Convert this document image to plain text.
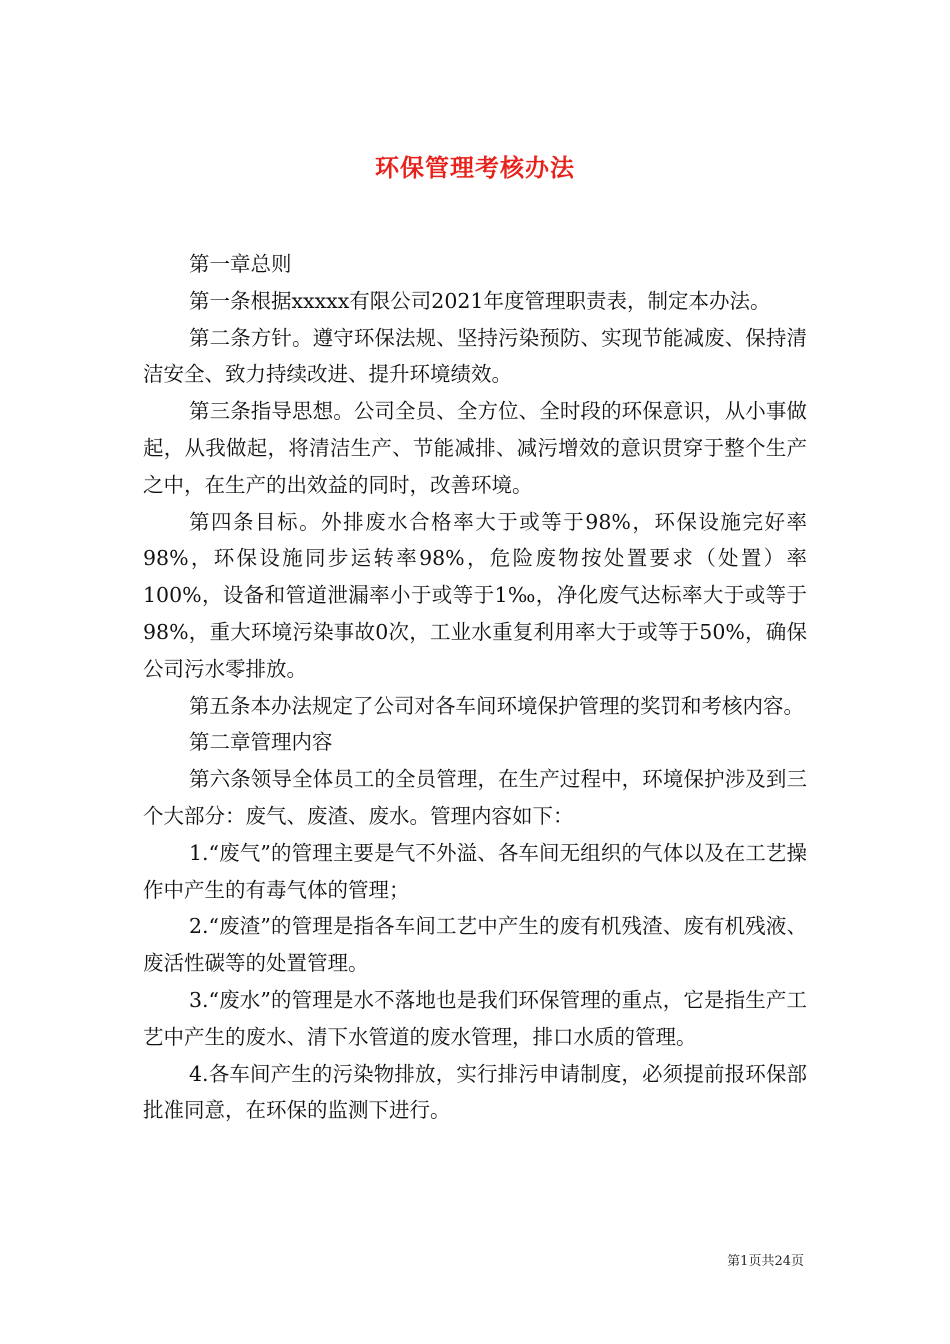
环保管理考核办法

第一章总则

第一条根据xxxxx有限公司2021年度管理职责表，制定本办法。

第二条方针。遵守环保法规、坚持污染预防、实现节能减废、保持清洁安全、致力持续改进、提升环境绩效。

第三条指导思想。公司全员、全方位、全时段的环保意识，从小事做起，从我做起，将清洁生产、节能减排、减污增效的意识贯穿于整个生产之中，在生产的出效益的同时，改善环境。

第四条目标。外排废水合格率大于或等于98%，环保设施完好率98%，环保设施同步运转率98%，危险废物按处置要求（处置）率100%，设备和管道泄漏率小于或等于1‰，净化废气达标率大于或等于98%，重大环境污染事故0次，工业水重复利用率大于或等于50%，确保公司污水零排放。

第五条本办法规定了公司对各车间环境保护管理的奖罚和考核内容。

第二章管理内容

第六条领导全体员工的全员管理，在生产过程中，环境保护涉及到三个大部分：废气、废渣、废水。管理内容如下：

1.“废气”的管理主要是气不外溢、各车间无组织的气体以及在工艺操作中产生的有毒气体的管理；

2.“废渣”的管理是指各车间工艺中产生的废有机残渣、废有机残液、废活性碳等的处置管理。

3.“废水”的管理是水不落地也是我们环保管理的重点，它是指生产工艺中产生的废水、清下水管道的废水管理，排口水质的管理。

4.各车间产生的污染物排放，实行排污申请制度，必须提前报环保部批准同意，在环保的监测下进行。

第1页共24页
